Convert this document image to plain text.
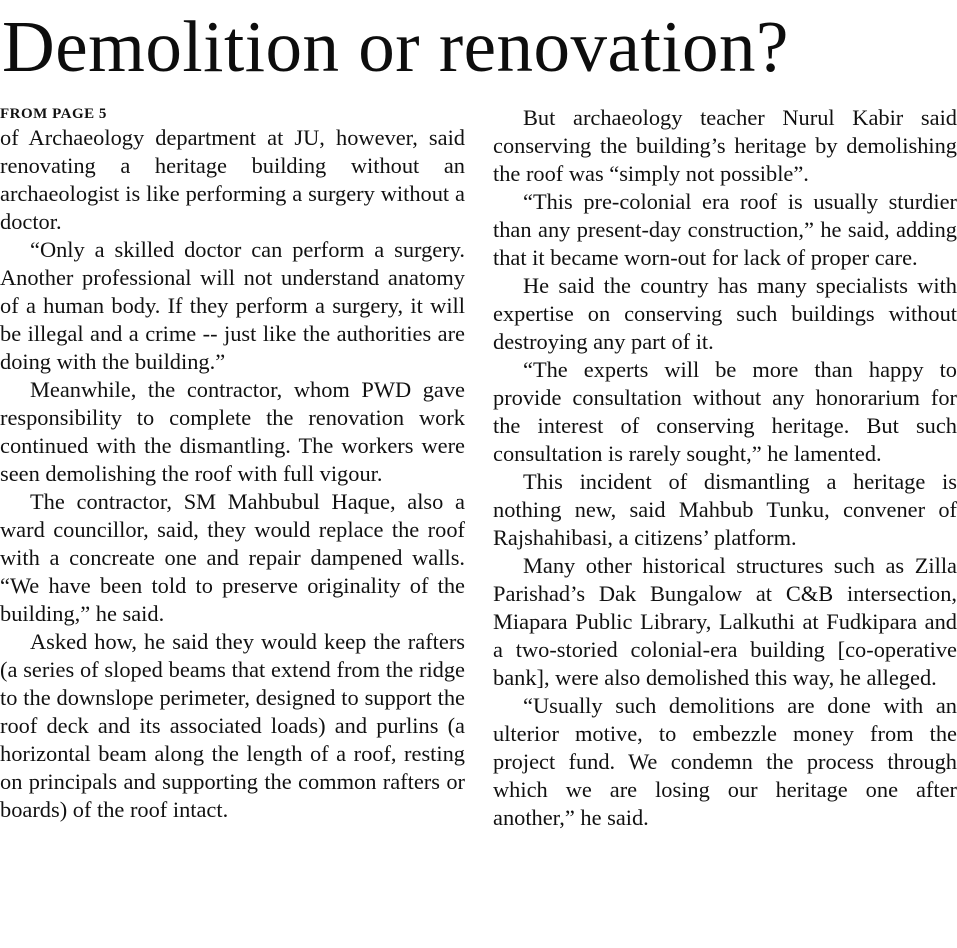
Demolition or renovation?
FROM PAGE 5

of Archaeology department at JU, however, said renovating a heritage building without an archaeologist is like performing a surgery without a doctor.

“Only a skilled doctor can perform a surgery. Another professional will not understand anatomy of a human body. If they perform a surgery, it will be illegal and a crime -- just like the authorities are doing with the building.”

Meanwhile, the contractor, whom PWD gave responsibility to complete the renovation work continued with the dismantling. The workers were seen demolishing the roof with full vigour.

The contractor, SM Mahbubul Haque, also a ward councillor, said, they would replace the roof with a concreate one and repair dampened walls. “We have been told to preserve originality of the building,” he said.

Asked how, he said they would keep the rafters (a series of sloped beams that extend from the ridge to the downslope perimeter, designed to support the roof deck and its associated loads) and purlins (a horizontal beam along the length of a roof, resting on principals and supporting the common rafters or boards) of the roof intact.

But archaeology teacher Nurul Kabir said conserving the building’s heritage by demolishing the roof was “simply not possible”.

“This pre-colonial era roof is usually sturdier than any present-day construction,” he said, adding that it became worn-out for lack of proper care.

He said the country has many specialists with expertise on conserving such buildings without destroying any part of it.

“The experts will be more than happy to provide consultation without any honorarium for the interest of conserving heritage. But such consultation is rarely sought,” he lamented.

This incident of dismantling a heritage is nothing new, said Mahbub Tunku, convener of Rajshahibasi, a citizens’ platform.

Many other historical structures such as Zilla Parishad’s Dak Bungalow at C&B intersection, Miapara Public Library, Lalkuthi at Fudkipara and a two-storied colonial-era building [co-operative bank], were also demolished this way, he alleged.

“Usually such demolitions are done with an ulterior motive, to embezzle money from the project fund. We condemn the process through which we are losing our heritage one after another,” he said.
